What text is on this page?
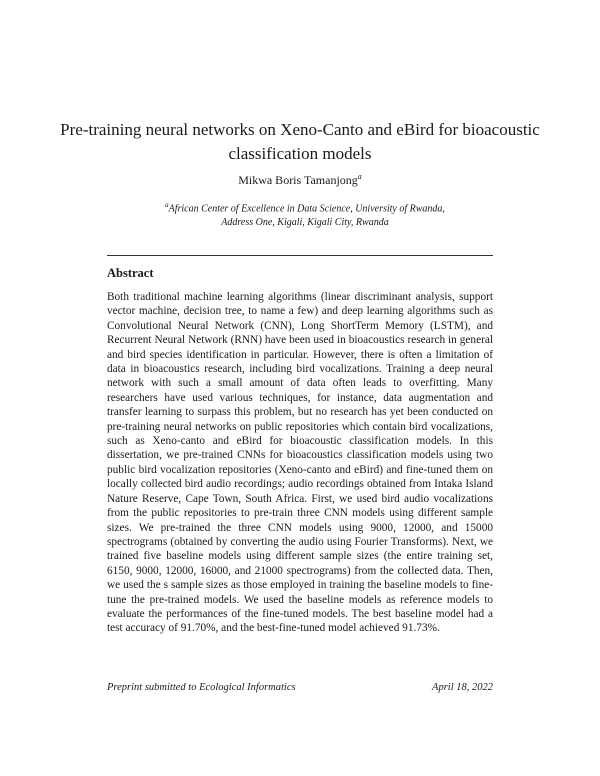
Pre-training neural networks on Xeno-Canto and eBird for bioacoustic classification models
Mikwa Boris Tamanjong$^a$
$^a$African Center of Excellence in Data Science, University of Rwanda, Address One, Kigali, Kigali City, Rwanda
Abstract
Both traditional machine learning algorithms (linear discriminant analysis, support vector machine, decision tree, to name a few) and deep learning algorithms such as Convolutional Neural Network (CNN), Long ShortTerm Memory (LSTM), and Recurrent Neural Network (RNN) have been used in bioacoustics research in general and bird species identification in particular. However, there is often a limitation of data in bioacoustics research, including bird vocalizations. Training a deep neural network with such a small amount of data often leads to overfitting. Many researchers have used various techniques, for instance, data augmentation and transfer learning to surpass this problem, but no research has yet been conducted on pre-training neural networks on public repositories which contain bird vocalizations, such as Xeno-canto and eBird for bioacoustic classification models. In this dissertation, we pre-trained CNNs for bioacoustics classification models using two public bird vocalization repositories (Xeno-canto and eBird) and fine-tuned them on locally collected bird audio recordings; audio recordings obtained from Intaka Island Nature Reserve, Cape Town, South Africa. First, we used bird audio vocalizations from the public repositories to pre-train three CNN models using different sample sizes. We pre-trained the three CNN models using 9000, 12000, and 15000 spectrograms (obtained by converting the audio using Fourier Transforms). Next, we trained five baseline models using different sample sizes (the entire training set, 6150, 9000, 12000, 16000, and 21000 spectrograms) from the collected data. Then, we used the s sample sizes as those employed in training the baseline models to fine-tune the pre-trained models. We used the baseline models as reference models to evaluate the performances of the fine-tuned models. The best baseline model had a test accuracy of 91.70%, and the best-fine-tuned model achieved 91.73%.
Preprint submitted to Ecological Informatics	April 18, 2022
